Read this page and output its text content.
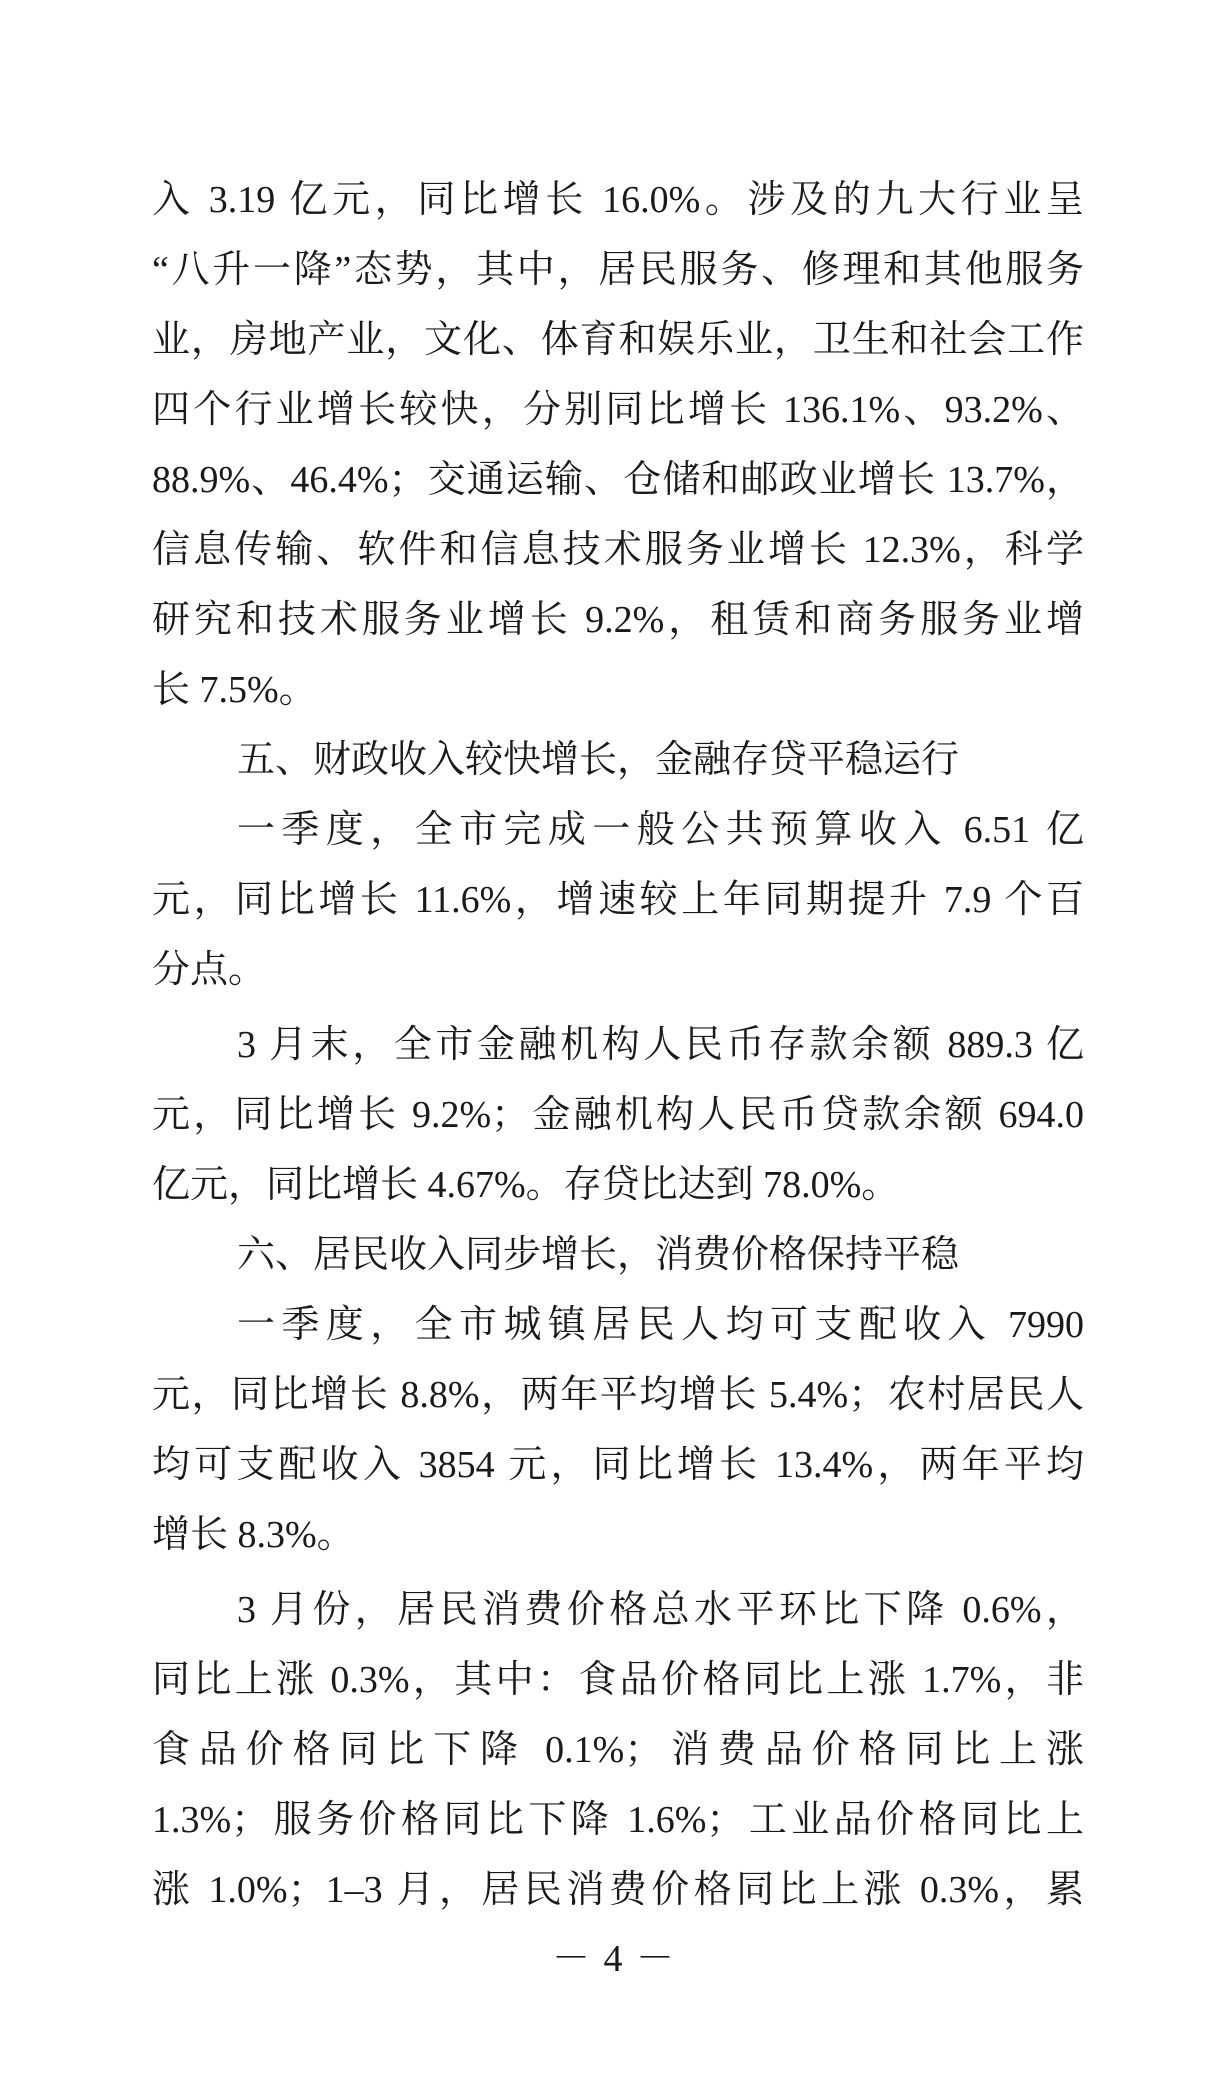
入 3.19 亿元，同比增长 16.0%。涉及的九大行业呈
“八升一降”态势，其中，居民服务、修理和其他服务
业，房地产业，文化、体育和娱乐业，卫生和社会工作
四个行业增长较快，分别同比增长 136.1%、93.2%、
88.9%、46.4%；交通运输、仓储和邮政业增长 13.7%，
信息传输、软件和信息技术服务业增长 12.3%，科学
研究和技术服务业增长 9.2%，租赁和商务服务业增
长 7.5%。
五、财政收入较快增长，金融存贷平稳运行
一季度，全市完成一般公共预算收入 6.51 亿
元，同比增长 11.6%，增速较上年同期提升 7.9 个百
分点。
3 月末，全市金融机构人民币存款余额 889.3 亿
元，同比增长 9.2%；金融机构人民币贷款余额 694.0
亿元，同比增长 4.67%。存贷比达到 78.0%。
六、居民收入同步增长，消费价格保持平稳
一季度，全市城镇居民人均可支配收入 7990
元，同比增长 8.8%，两年平均增长 5.4%；农村居民人
均可支配收入 3854 元，同比增长 13.4%，两年平均
增长 8.3%。
3 月份，居民消费价格总水平环比下降 0.6%，
同比上涨 0.3%，其中：食品价格同比上涨 1.7%，非
食品价格同比下降 0.1%；消费品价格同比上涨
1.3%；服务价格同比下降 1.6%；工业品价格同比上
涨 1.0%；1–3 月，居民消费价格同比上涨 0.3%，累
－ 4 －
